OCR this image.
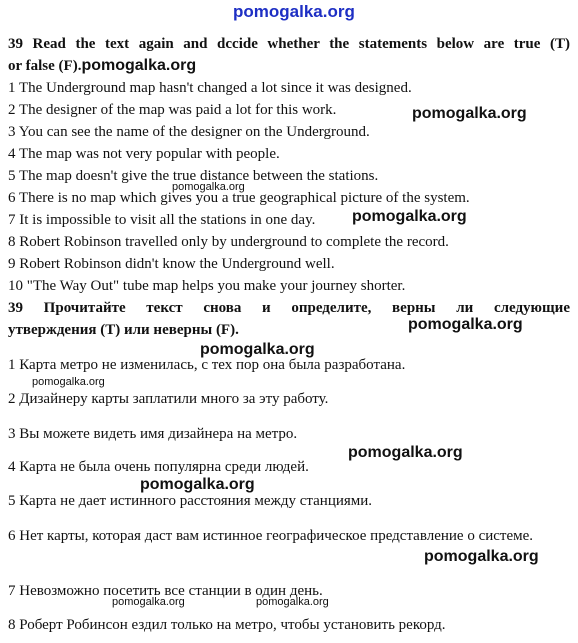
pomogalka.org
pomogalka.org
pomogalka.org
pomogalka.org
pomogalka.org
pomogalka.org
pomogalka.org
pomogalka.org
pomogalka.org
pomogalka.org
pomogalka.org	pomogalka.org
39 Read the text again and dccide whether the statements below are true (T)
or false (F).pomogalka.org
1 The Underground map hasn't changed a lot since it was designed.
2 The designer of the map was paid a lot for this work.
3 You can see the name of the designer on the Underground.
4 The map was not very popular with people.
5 The map doesn't give the true distance between the stations.
6 There is no map which gives you a true geographical picture of the system.
7 It is impossible to visit all the stations in one day.
8 Robert Robinson travelled only by underground to complete the record.
9 Robert Robinson didn't know the Underground well.
10 "The Way Out" tube map helps you make your journey shorter.
39 Прочитайте текст снова и определите, верны ли следующие
утверждения (Т) или неверны (F).
1 Карта метро не изменилась, с тех пор она была разработана.
2 Дизайнеру карты заплатили много за эту работу.
3 Вы можете видеть имя дизайнера на метро.
4 Карта не была очень популярна среди людей.
5 Карта не дает истинного расстояния между станциями.
6 Нет карты, которая даст вам истинное географическое представление о системе.
7 Невозможно посетить все станции в один день.
8 Роберт Робинсон ездил только на метро, чтобы установить рекорд.
